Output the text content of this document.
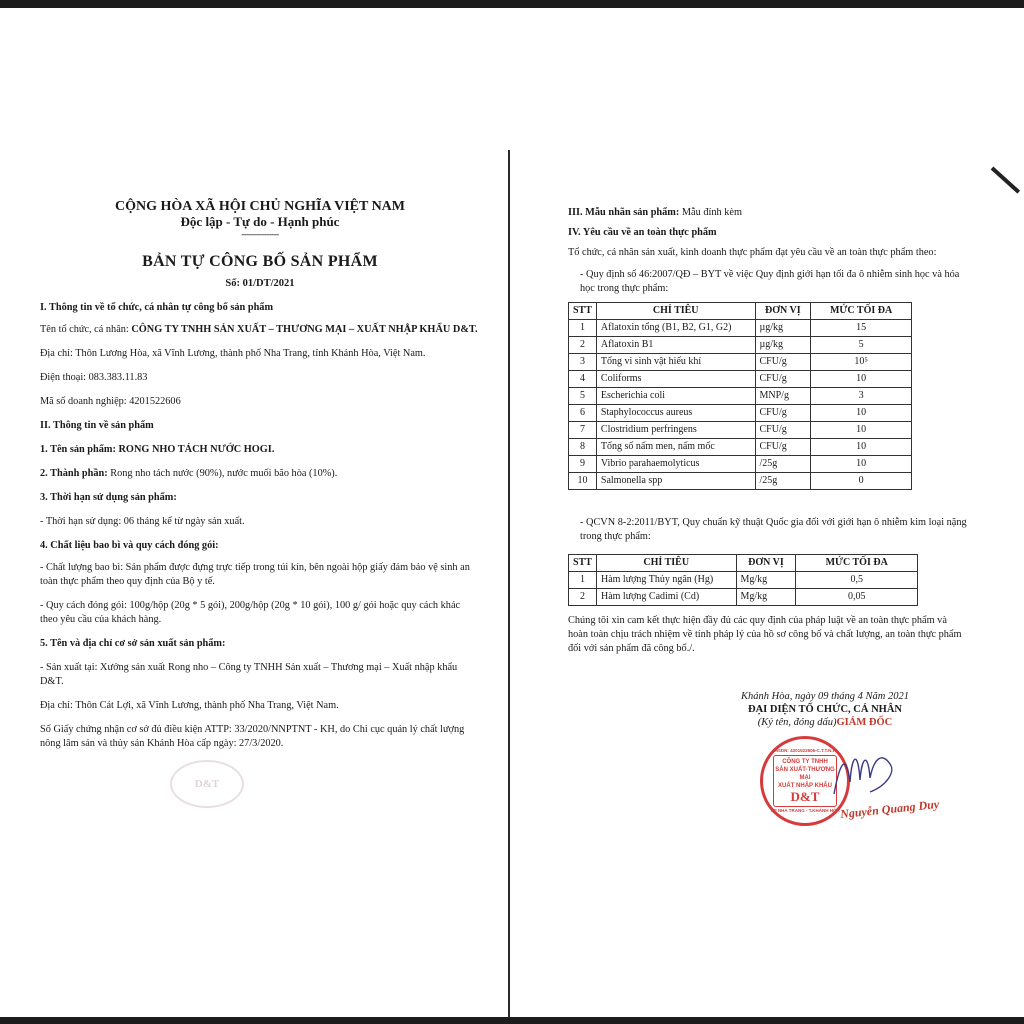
CỘNG HÒA XÃ HỘI CHỦ NGHĨA VIỆT NAM

Độc lập - Tự do - Hạnh phúc

---------------

BẢN TỰ CÔNG BỐ SẢN PHẨM

Số: 01/DT/2021

I. Thông tin về tổ chức, cá nhân tự công bố sản phẩm

Tên tổ chức, cá nhân: CÔNG TY TNHH SẢN XUẤT – THƯƠNG MẠI – XUẤT NHẬP KHẨU D&T.

Địa chỉ: Thôn Lương Hòa, xã Vĩnh Lương, thành phố Nha Trang, tỉnh Khánh Hòa, Việt Nam.

Điện thoại: 083.383.11.83

Mã số doanh nghiệp: 4201522606

II. Thông tin về sản phẩm

1. Tên sản phẩm: RONG NHO TÁCH NƯỚC HOGI.

2. Thành phần: Rong nho tách nước (90%), nước muối bão hòa (10%).

3. Thời hạn sử dụng sản phẩm:

- Thời hạn sử dụng: 06 tháng kể từ ngày sản xuất.

4. Chất liệu bao bì và quy cách đóng gói:

- Chất lượng bao bì: Sản phẩm được đựng trực tiếp trong túi kín, bên ngoài hộp giấy đảm bảo vệ sinh an toàn thực phẩm theo quy định của Bộ y tế.

- Quy cách đóng gói: 100g/hộp (20g * 5 gói), 200g/hộp (20g * 10 gói), 100 g/ gói hoặc quy cách khác theo yêu cầu của khách hàng.

5. Tên và địa chỉ cơ sở sản xuất sản phẩm:

- Sản xuất tại: Xưởng sản xuất Rong nho – Công ty TNHH Sản xuất – Thương mại – Xuất nhập khẩu D&T.

Địa chỉ: Thôn Cát Lợi, xã Vĩnh Lương, thành phố Nha Trang, Việt Nam.

Số Giấy chứng nhận cơ sở đủ điều kiện ATTP: 33/2020/NNPTNT - KH, do Chi cục quản lý chất lượng nông lâm sản và thủy sản Khánh Hòa cấp ngày: 27/3/2020.

D&T

III. Mẫu nhãn sản phẩm: Mẫu đính kèm

IV. Yêu cầu về an toàn thực phẩm

Tổ chức, cá nhân sản xuất, kinh doanh thực phẩm đạt yêu cầu về an toàn thực phẩm theo:

- Quy định số 46:2007/QĐ – BYT về việc Quy định giới hạn tối đa ô nhiễm sinh học và hóa học trong thực phẩm:

STT	CHỈ TIÊU	ĐƠN VỊ	MỨC TỐI ĐA
1	Aflatoxin tổng (B1, B2, G1, G2)	µg/kg	15
2	Aflatoxin B1	µg/kg	5
3	Tổng vi sinh vật hiếu khí	CFU/g	10⁵
4	Coliforms	CFU/g	10
5	Escherichia coli	MNP/g	3
6	Staphylococcus aureus	CFU/g	10
7	Clostridium perfringens	CFU/g	10
8	Tổng số nấm men, nấm mốc	CFU/g	10
9	Vibrio parahaemolyticus	/25g	10
10	Salmonella spp	/25g	0

- QCVN 8-2:2011/BYT, Quy chuẩn kỹ thuật Quốc gia đối với giới hạn ô nhiễm kim loại nặng trong thực phẩm:

STT	CHỈ TIÊU	ĐƠN VỊ	MỨC TỐI ĐA
1	Hàm lượng Thủy ngân (Hg)	Mg/kg	0,5
2	Hàm lượng Cadimi (Cd)	Mg/kg	0,05

Chúng tôi xin cam kết thực hiện đầy đủ các quy định của pháp luật về an toàn thực phẩm và hoàn toàn chịu trách nhiệm về tính pháp lý của hồ sơ công bố và chất lượng, an toàn thực phẩm đối với sản phẩm đã công bố./.

Khánh Hòa, ngày 09 tháng 4 Năm 2021
ĐẠI DIỆN TỔ CHỨC, CÁ NHÂN
(Ký tên, đóng dấu)GIÁM ĐỐC
MSDN: 4201522606-C.T.T.N.H
CÔNG TY TNHH
SẢN XUẤT-THƯƠNG MẠI
XUẤT NHẬP KHẨU
D&T
T.P NHA TRANG - T.KHÁNH HÒA Nguyễn Quang Duy
